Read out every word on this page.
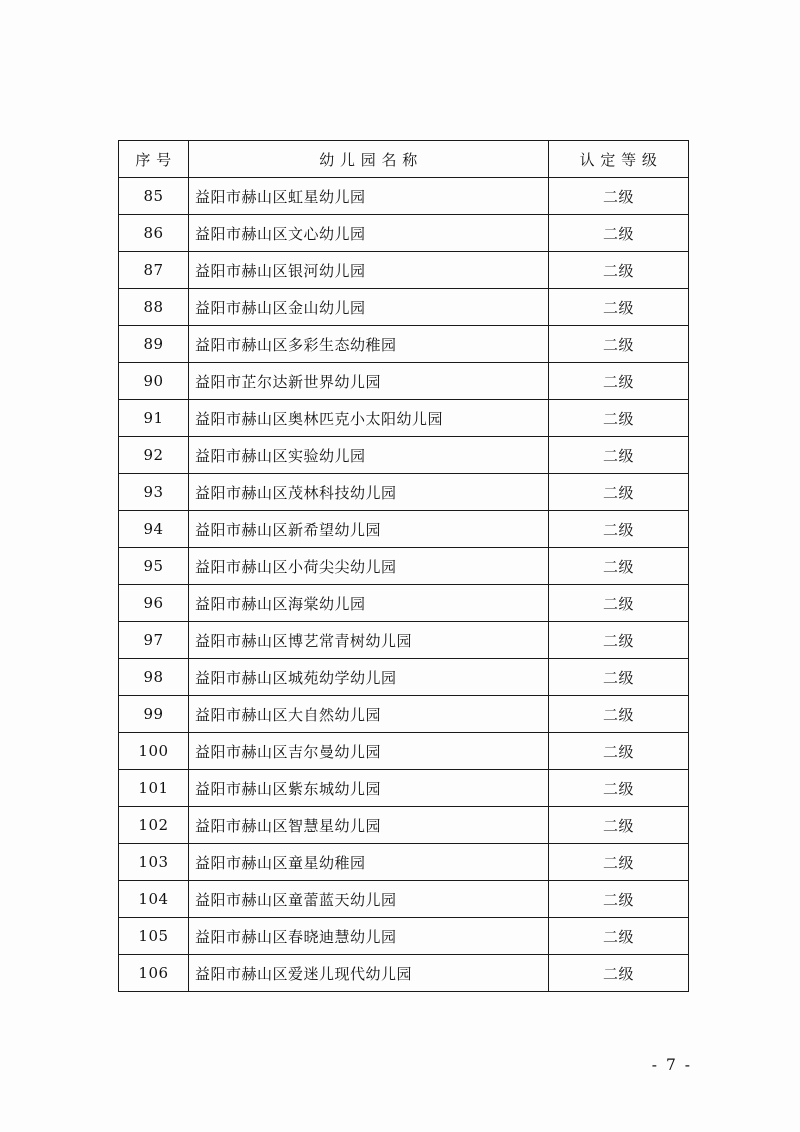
序 号	幼 儿 园 名 称	认 定 等 级
85	益阳市赫山区虹星幼儿园	二级
86	益阳市赫山区文心幼儿园	二级
87	益阳市赫山区银河幼儿园	二级
88	益阳市赫山区金山幼儿园	二级
89	益阳市赫山区多彩生态幼稚园	二级
90	益阳市芷尔达新世界幼儿园	二级
91	益阳市赫山区奥林匹克小太阳幼儿园	二级
92	益阳市赫山区实验幼儿园	二级
93	益阳市赫山区茂林科技幼儿园	二级
94	益阳市赫山区新希望幼儿园	二级
95	益阳市赫山区小荷尖尖幼儿园	二级
96	益阳市赫山区海棠幼儿园	二级
97	益阳市赫山区博艺常青树幼儿园	二级
98	益阳市赫山区城苑幼学幼儿园	二级
99	益阳市赫山区大自然幼儿园	二级
100	益阳市赫山区吉尔曼幼儿园	二级
101	益阳市赫山区紫东城幼儿园	二级
102	益阳市赫山区智慧星幼儿园	二级
103	益阳市赫山区童星幼稚园	二级
104	益阳市赫山区童蕾蓝天幼儿园	二级
105	益阳市赫山区春晓迪慧幼儿园	二级
106	益阳市赫山区爱迷儿现代幼儿园	二级
- 7 -
